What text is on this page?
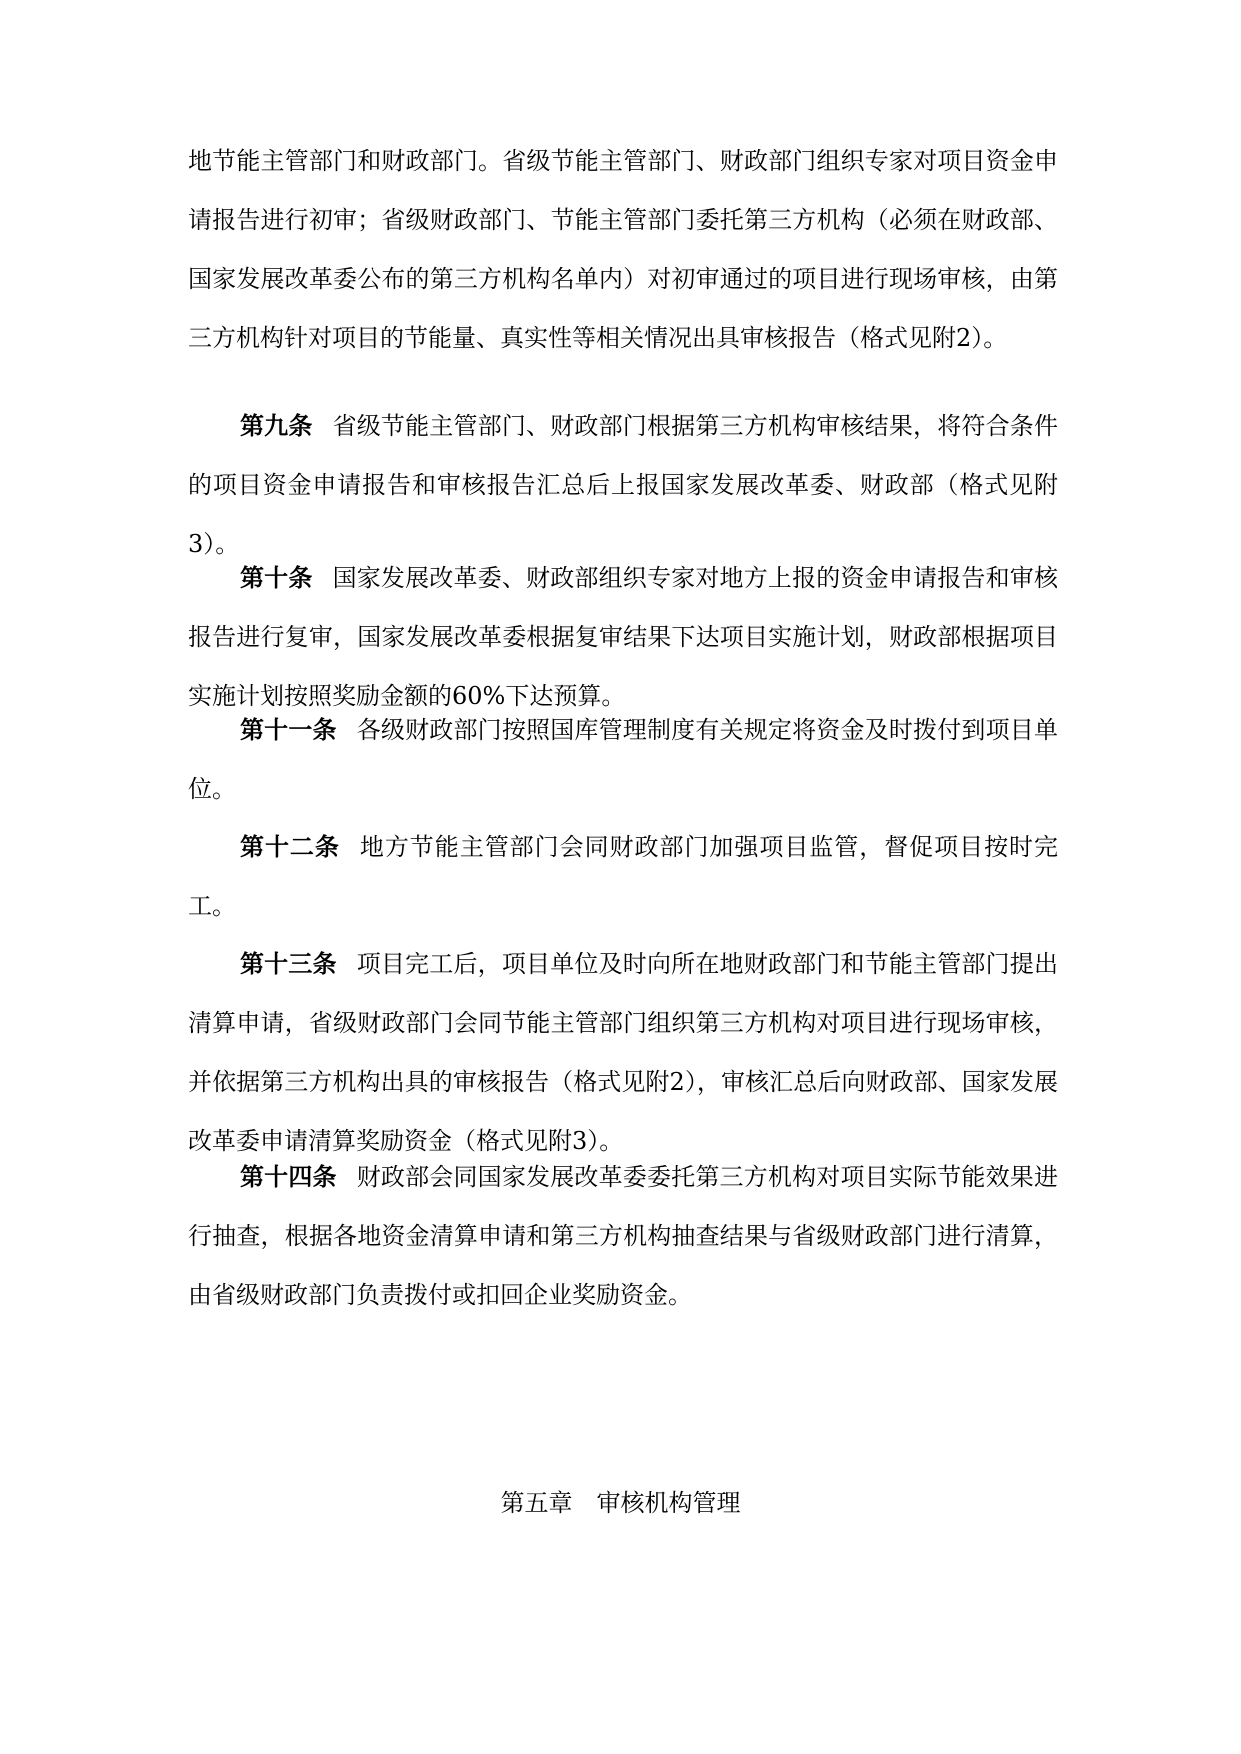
地节能主管部门和财政部门。省级节能主管部门、财政部门组织专家对项目资金申请报告进行初审；省级财政部门、节能主管部门委托第三方机构（必须在财政部、国家发展改革委公布的第三方机构名单内）对初审通过的项目进行现场审核，由第三方机构针对项目的节能量、真实性等相关情况出具审核报告（格式见附2）。

第九条 省级节能主管部门、财政部门根据第三方机构审核结果，将符合条件的项目资金申请报告和审核报告汇总后上报国家发展改革委、财政部（格式见附3）。

第十条 国家发展改革委、财政部组织专家对地方上报的资金申请报告和审核报告进行复审，国家发展改革委根据复审结果下达项目实施计划，财政部根据项目实施计划按照奖励金额的60%下达预算。

第十一条 各级财政部门按照国库管理制度有关规定将资金及时拨付到项目单位。

第十二条 地方节能主管部门会同财政部门加强项目监管，督促项目按时完工。

第十三条 项目完工后，项目单位及时向所在地财政部门和节能主管部门提出清算申请，省级财政部门会同节能主管部门组织第三方机构对项目进行现场审核，并依据第三方机构出具的审核报告（格式见附2），审核汇总后向财政部、国家发展改革委申请清算奖励资金（格式见附3）。

第十四条 财政部会同国家发展改革委委托第三方机构对项目实际节能效果进行抽查，根据各地资金清算申请和第三方机构抽查结果与省级财政部门进行清算，由省级财政部门负责拨付或扣回企业奖励资金。

第五章　审核机构管理
